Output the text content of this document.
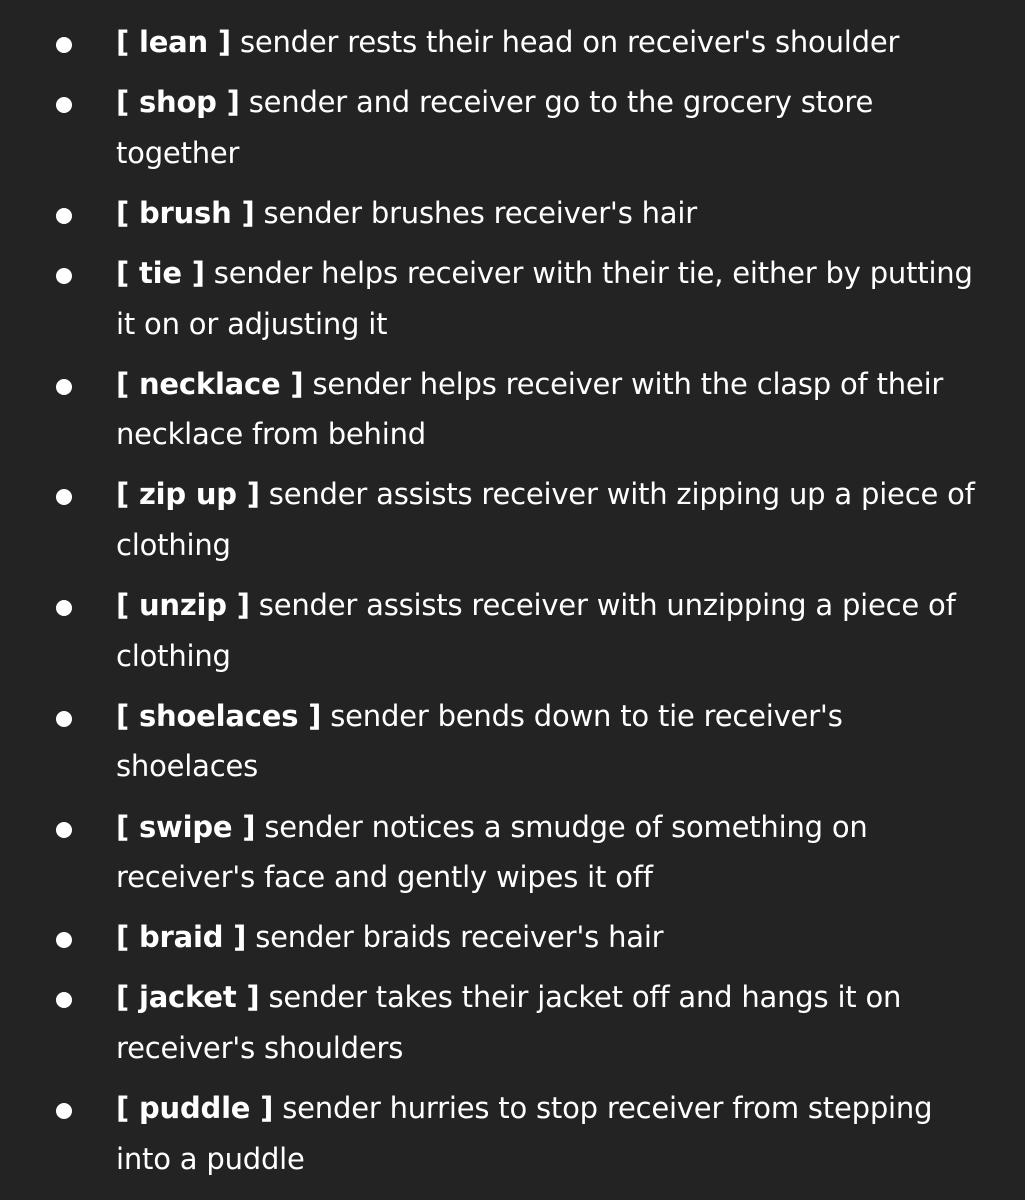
[ lean ] sender rests their head on receiver's shoulder
[ shop ] sender and receiver go to the grocery store together
[ brush ] sender brushes receiver's hair
[ tie ] sender helps receiver with their tie, either by putting it on or adjusting it
[ necklace ] sender helps receiver with the clasp of their necklace from behind
[ zip up ] sender assists receiver with zipping up a piece of clothing
[ unzip ] sender assists receiver with unzipping a piece of clothing
[ shoelaces ] sender bends down to tie receiver's shoelaces
[ swipe ] sender notices a smudge of something on receiver's face and gently wipes it off
[ braid ] sender braids receiver's hair
[ jacket ] sender takes their jacket off and hangs it on receiver's shoulders
[ puddle ] sender hurries to stop receiver from stepping into a puddle
